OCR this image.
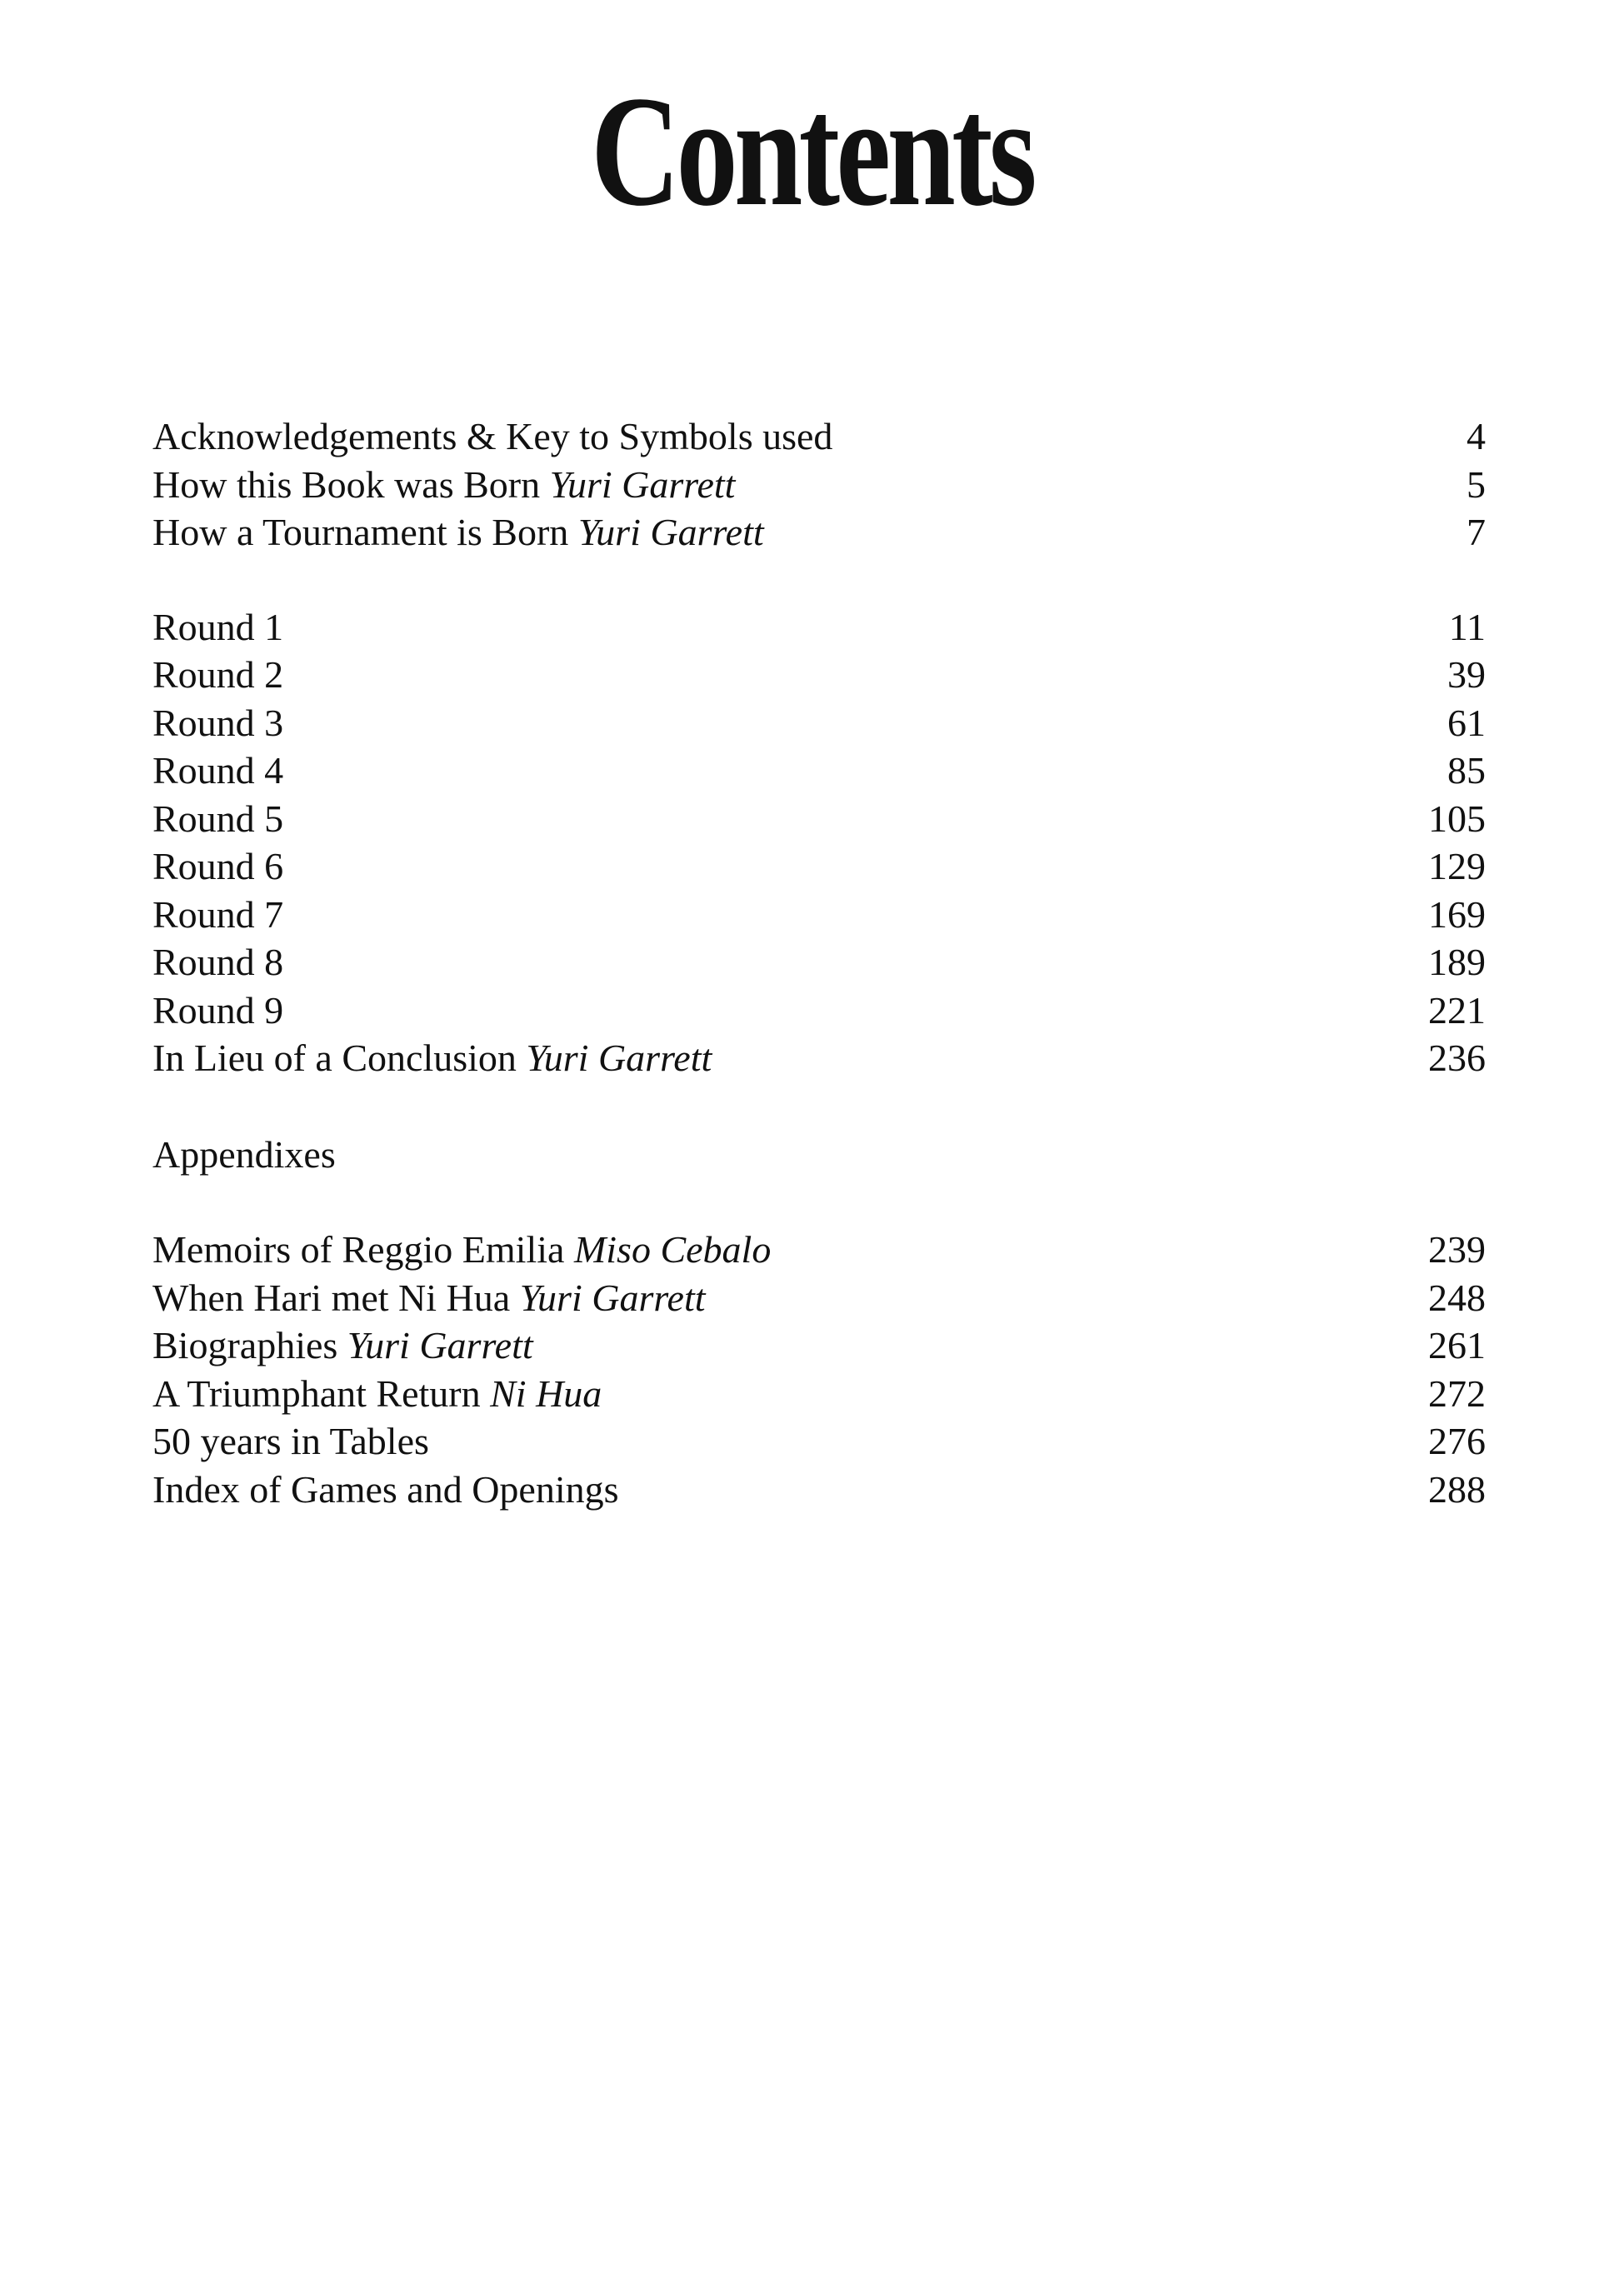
Contents
Acknowledgements & Key to Symbols used	4
How this Book was Born Yuri Garrett	5
How a Tournament is Born Yuri Garrett	7
Round 1	11
Round 2	39
Round 3	61
Round 4	85
Round 5	105
Round 6	129
Round 7	169
Round 8	189
Round 9	221
In Lieu of a Conclusion Yuri Garrett	236
Appendixes
Memoirs of Reggio Emilia Miso Cebalo	239
When Hari met Ni Hua Yuri Garrett	248
Biographies Yuri Garrett	261
A Triumphant Return Ni Hua	272
50 years in Tables	276
Index of Games and Openings	288
